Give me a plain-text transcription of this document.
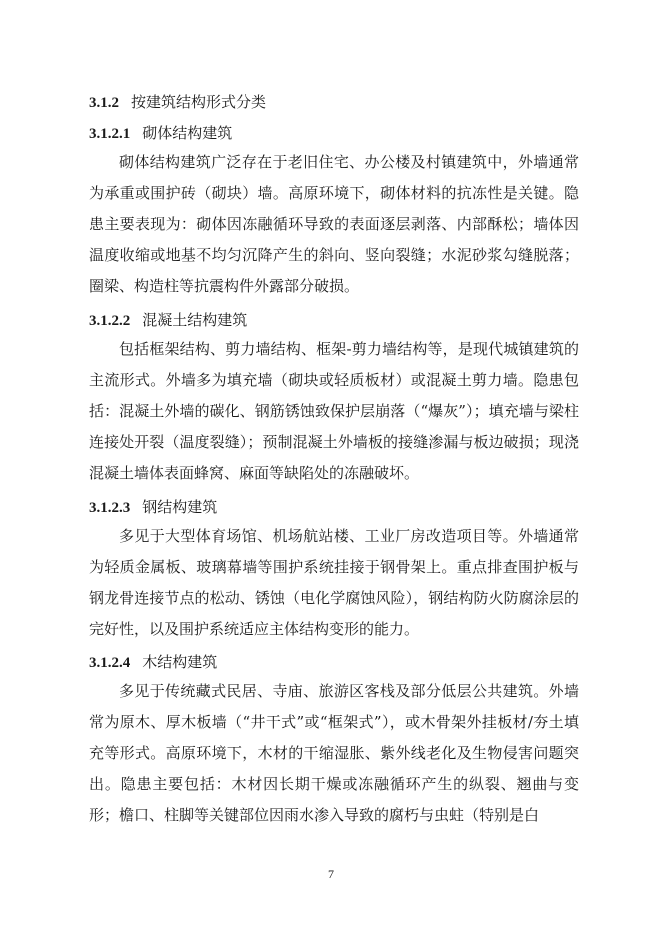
3.1.2 按建筑结构形式分类
3.1.2.1 砌体结构建筑
砌体结构建筑广泛存在于老旧住宅、办公楼及村镇建筑中，外墙通常为承重或围护砖（砌块）墙。高原环境下，砌体材料的抗冻性是关键。隐患主要表现为：砌体因冻融循环导致的表面逐层剥落、内部酥松；墙体因温度收缩或地基不均匀沉降产生的斜向、竖向裂缝；水泥砂浆勾缝脱落；圈梁、构造柱等抗震构件外露部分破损。
3.1.2.2 混凝土结构建筑
包括框架结构、剪力墙结构、框架-剪力墙结构等，是现代城镇建筑的主流形式。外墙多为填充墙（砌块或轻质板材）或混凝土剪力墙。隐患包括：混凝土外墙的碳化、钢筋锈蚀致保护层崩落（“爆灰”）；填充墙与梁柱连接处开裂（温度裂缝）；预制混凝土外墙板的接缝渗漏与板边破损；现浇混凝土墙体表面蜂窝、麻面等缺陷处的冻融破坏。
3.1.2.3 钢结构建筑
多见于大型体育场馆、机场航站楼、工业厂房改造项目等。外墙通常为轻质金属板、玻璃幕墙等围护系统挂接于钢骨架上。重点排查围护板与钢龙骨连接节点的松动、锈蚀（电化学腐蚀风险），钢结构防火防腐涂层的完好性，以及围护系统适应主体结构变形的能力。
3.1.2.4 木结构建筑
多见于传统藏式民居、寺庙、旅游区客栈及部分低层公共建筑。外墙常为原木、厚木板墙（“井干式”或“框架式”），或木骨架外挂板材/夯土填充等形式。高原环境下，木材的干缩湿胀、紫外线老化及生物侵害问题突出。隐患主要包括：木材因长期干燥或冻融循环产生的纵裂、翘曲与变形；檐口、柱脚等关键部位因雨水渗入导致的腐朽与虫蛀（特别是白
7
